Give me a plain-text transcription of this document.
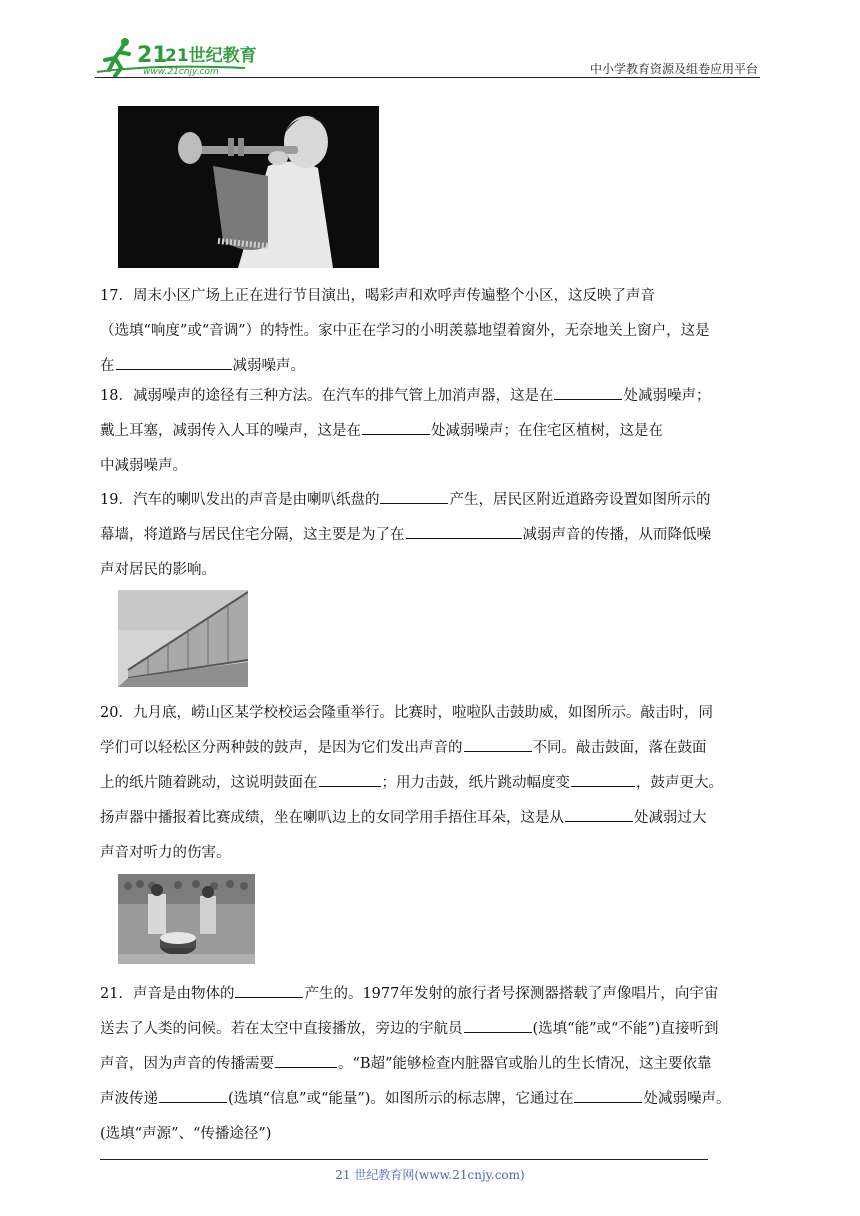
21
21世纪教育
www.21cnjy.com	中小学教育资源及组卷应用平台
17．周末小区广场上正在进行节目演出，喝彩声和欢呼声传遍整个小区，这反映了声音
（选填“响度”或“音调”）的特性。家中正在学习的小明羡慕地望着窗外，无奈地关上窗户，这是
在	减弱噪声。
18．减弱噪声的途径有三种方法。在汽车的排气管上加消声器，这是在	处减弱噪声；
戴上耳塞，减弱传入人耳的噪声，这是在	处减弱噪声；在住宅区植树，这是在
中减弱噪声。
19．汽车的喇叭发出的声音是由喇叭纸盘的	产生，居民区附近道路旁设置如图所示的
幕墙，将道路与居民住宅分隔，这主要是为了在	减弱声音的传播，从而降低噪
声对居民的影响。
20．九月底，崂山区某学校校运会隆重举行。比赛时，啦啦队击鼓助威，如图所示。敲击时，同
学们可以轻松区分两种鼓的鼓声，是因为它们发出声音的	不同。敲击鼓面，落在鼓面
上的纸片随着跳动，这说明鼓面在	；用力击鼓，纸片跳动幅度变	，鼓声更大。
扬声器中播报着比赛成绩，坐在喇叭边上的女同学用手捂住耳朵，这是从	处减弱过大
声音对听力的伤害。
21．声音是由物体的	产生的。1977年发射的旅行者号探测器搭载了声像唱片，向宇宙
送去了人类的问候。若在太空中直接播放，旁边的宇航员	(选填“能”或“不能”)直接听到
声音，因为声音的传播需要	。“B超”能够检查内脏器官或胎儿的生长情况，这主要依靠
声波传递	(选填“信息”或“能量”)。如图所示的标志牌，它通过在	处减弱噪声。
(选填“声源”、“传播途径”)
21 世纪教育网(www.21cnjy.com)
